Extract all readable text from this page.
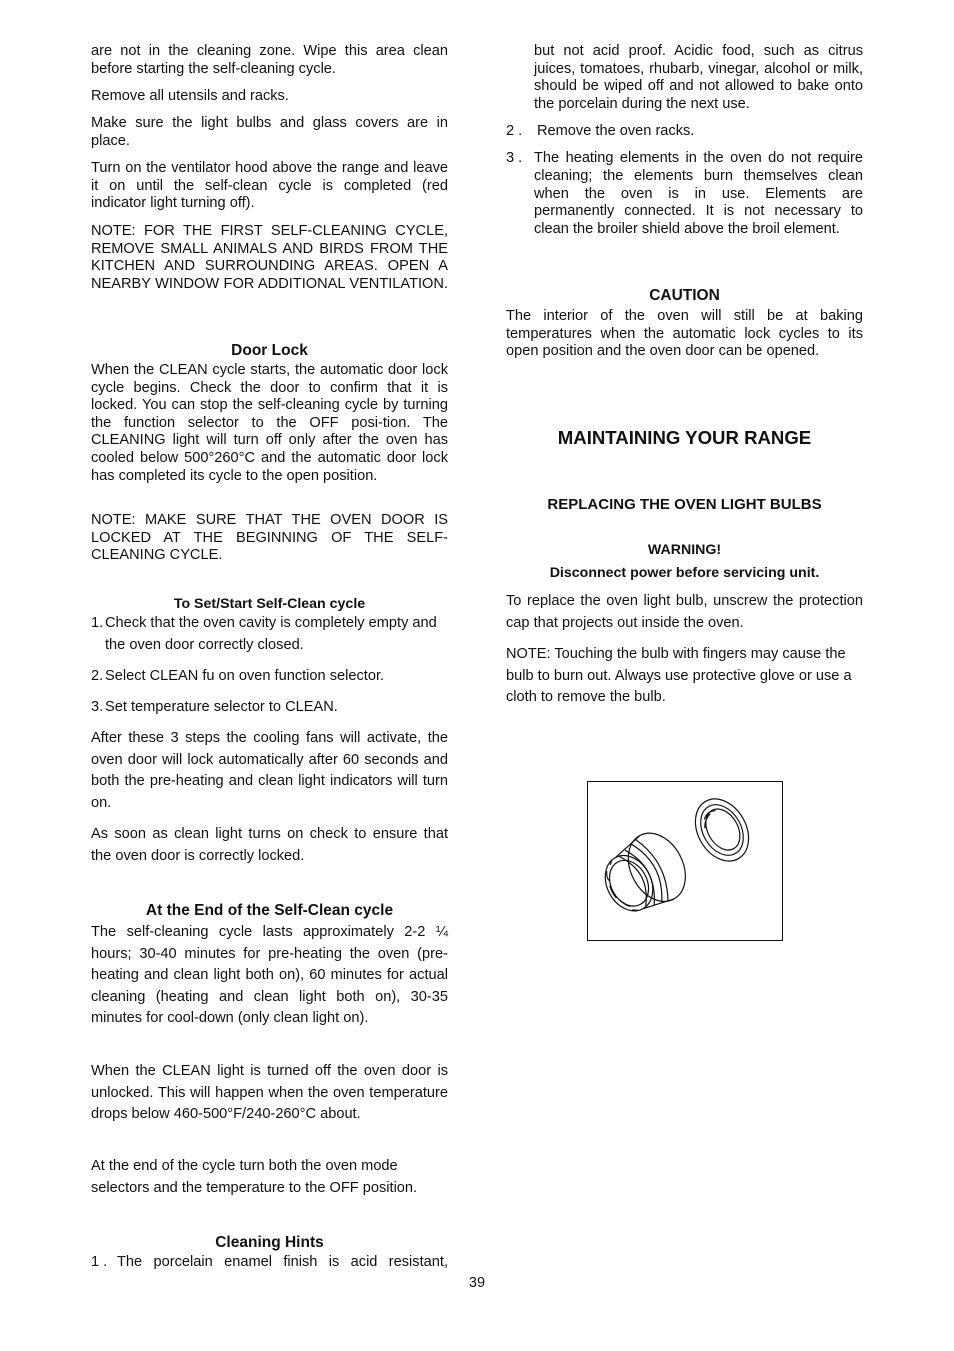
are not in the cleaning zone. Wipe this area clean before starting the self-cleaning cycle.

Remove all utensils and racks.

Make sure the light bulbs and glass covers are in place.

Turn on the ventilator hood above the range and leave it on until the self-clean cycle is completed (red indicator light turning off).

NOTE: FOR THE FIRST SELF-CLEANING CYCLE, REMOVE SMALL ANIMALS AND BIRDS FROM THE KITCHEN AND SURROUNDING AREAS. OPEN A NEARBY WINDOW FOR ADDITIONAL VENTILATION.

Door Lock

When the CLEAN cycle starts, the automatic door lock cycle begins. Check the door to confirm that it is locked. You can stop the self-cleaning cycle by turning the function selector to the OFF posi-tion. The CLEANING light will turn off only after the oven has cooled below 500°260°C and the automatic door lock has completed its cycle to the open position.

NOTE: MAKE SURE THAT THE OVEN DOOR IS LOCKED AT THE BEGINNING OF THE SELF-CLEANING CYCLE.

To Set/Start Self-Clean cycle
1. Check that the oven cavity is completely empty and the oven door correctly closed.
2. Select CLEAN fu on oven function selector.
3. Set temperature selector to CLEAN.

After these 3 steps the cooling fans will activate, the oven door will lock automatically after 60 seconds and both the pre-heating and clean light indicators will turn on.

As soon as clean light turns on check to ensure that the oven door is correctly locked.

At the End of the Self-Clean cycle

The self-cleaning cycle lasts approximately 2-2 ¼ hours; 30-40 minutes for pre-heating the oven (pre-heating and clean light both on), 60 minutes for actual cleaning (heating and clean light both on), 30-35 minutes for cool-down (only clean light on).

When the CLEAN light is turned off the oven door is unlocked. This will happen when the oven temperature drops below 460-500°F/240-260°C about.

At the end of the cycle turn both the oven mode selectors and the temperature to the OFF position.

Cleaning Hints
1 . The porcelain enamel finish is acid resistant,

but not acid proof. Acidic food, such as citrus juices, tomatoes, rhubarb, vinegar, alcohol or milk, should be wiped off and not allowed to bake onto the porcelain during the next use.

2 .	Remove the oven racks.
3 . The heating elements in the oven do not require cleaning; the elements burn themselves clean when the oven is in use. Elements are permanently connected. It is not necessary to clean the broiler shield above the broil element.
CAUTION

The interior of the oven will still be at baking temperatures when the automatic lock cycles to its open position and the oven door can be opened.

MAINTAINING YOUR RANGE
REPLACING THE OVEN LIGHT BULBS
WARNING!

Disconnect power before servicing unit.

To replace the oven light bulb, unscrew the protection cap that projects out inside the oven.

NOTE: Touching the bulb with fingers may cause the bulb to burn out. Always use protective glove or use a cloth to remove the bulb.

39
